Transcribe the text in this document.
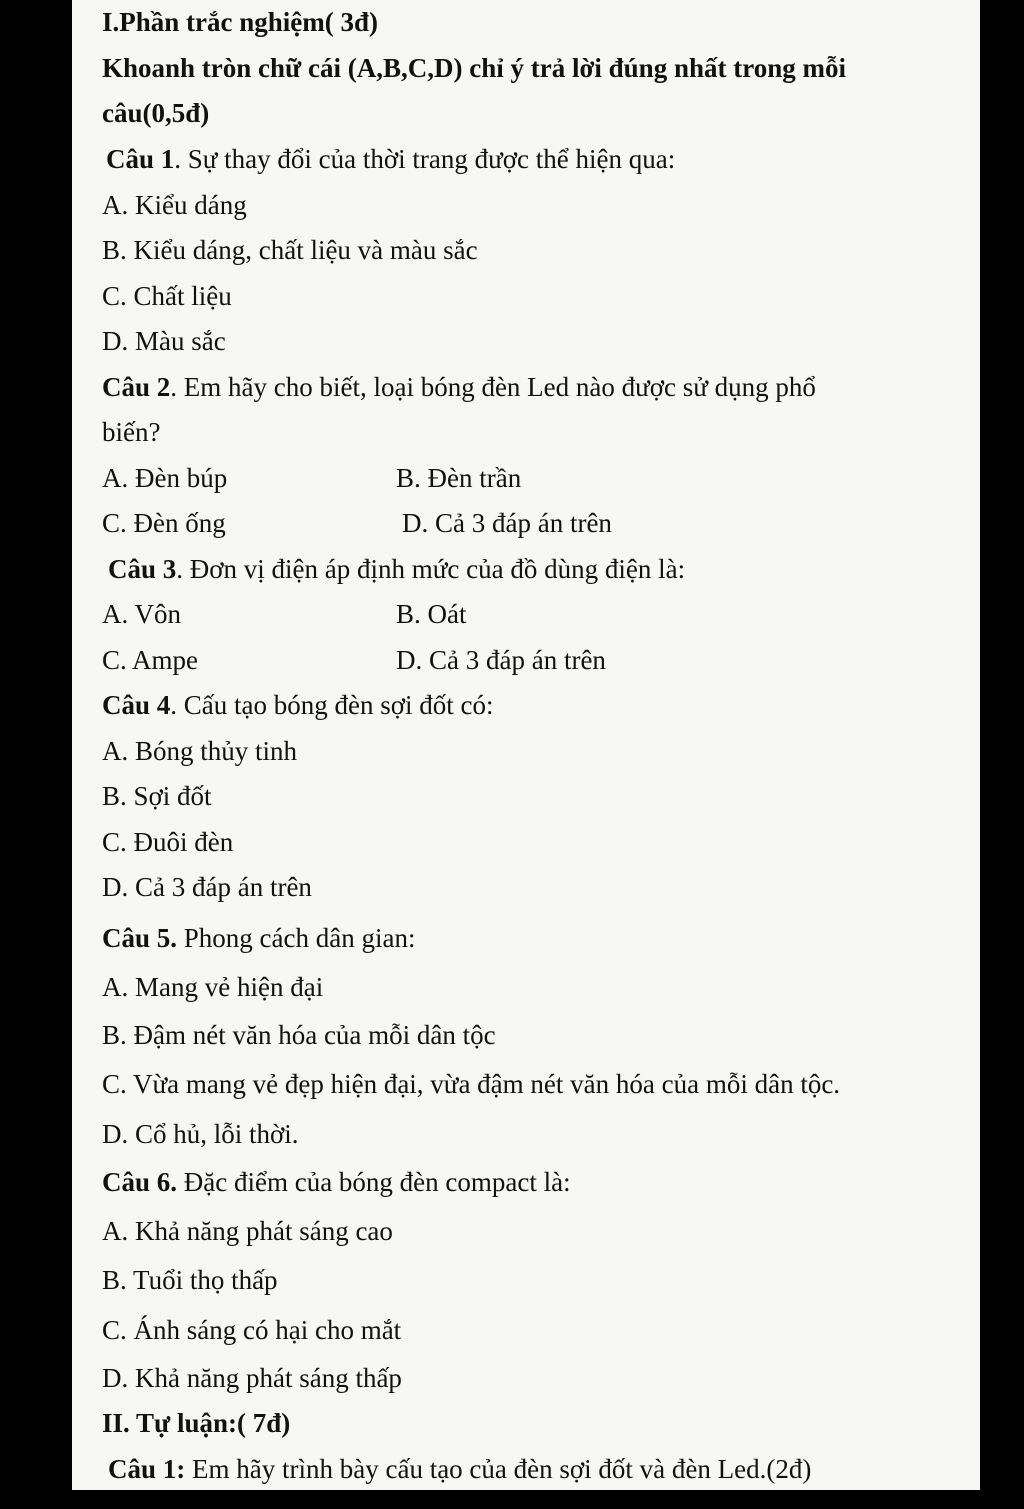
I.Phần trắc nghiệm( 3đ)
Khoanh tròn chữ cái (A,B,C,D) chỉ ý trả lời đúng nhất trong mỗi
câu(0,5đ)
Câu 1. Sự thay đổi của thời trang được thể hiện qua:
A. Kiểu dáng
B. Kiểu dáng, chất liệu và màu sắc
C. Chất liệu
D. Màu sắc
Câu 2. Em hãy cho biết, loại bóng đèn Led nào được sử dụng phổ
biến?
A. Đèn búp	B. Đèn trần
C. Đèn ống	D. Cả 3 đáp án trên
Câu 3. Đơn vị điện áp định mức của đồ dùng điện là:
A. Vôn	B. Oát
C. Ampe	D. Cả 3 đáp án trên
Câu 4. Cấu tạo bóng đèn sợi đốt có:
A. Bóng thủy tinh
B. Sợi đốt
C. Đuôi đèn
D. Cả 3 đáp án trên
Câu 5. Phong cách dân gian:
A. Mang vẻ hiện đại
B. Đậm nét văn hóa của mỗi dân tộc
C. Vừa mang vẻ đẹp hiện đại, vừa đậm nét văn hóa của mỗi dân tộc.
D. Cổ hủ, lỗi thời.
Câu 6. Đặc điểm của bóng đèn compact là:
A. Khả năng phát sáng cao
B. Tuổi thọ thấp
C. Ánh sáng có hại cho mắt
D. Khả năng phát sáng thấp
II. Tự luận:( 7đ)
Câu 1: Em hãy trình bày cấu tạo của đèn sợi đốt và đèn Led.(2đ)
